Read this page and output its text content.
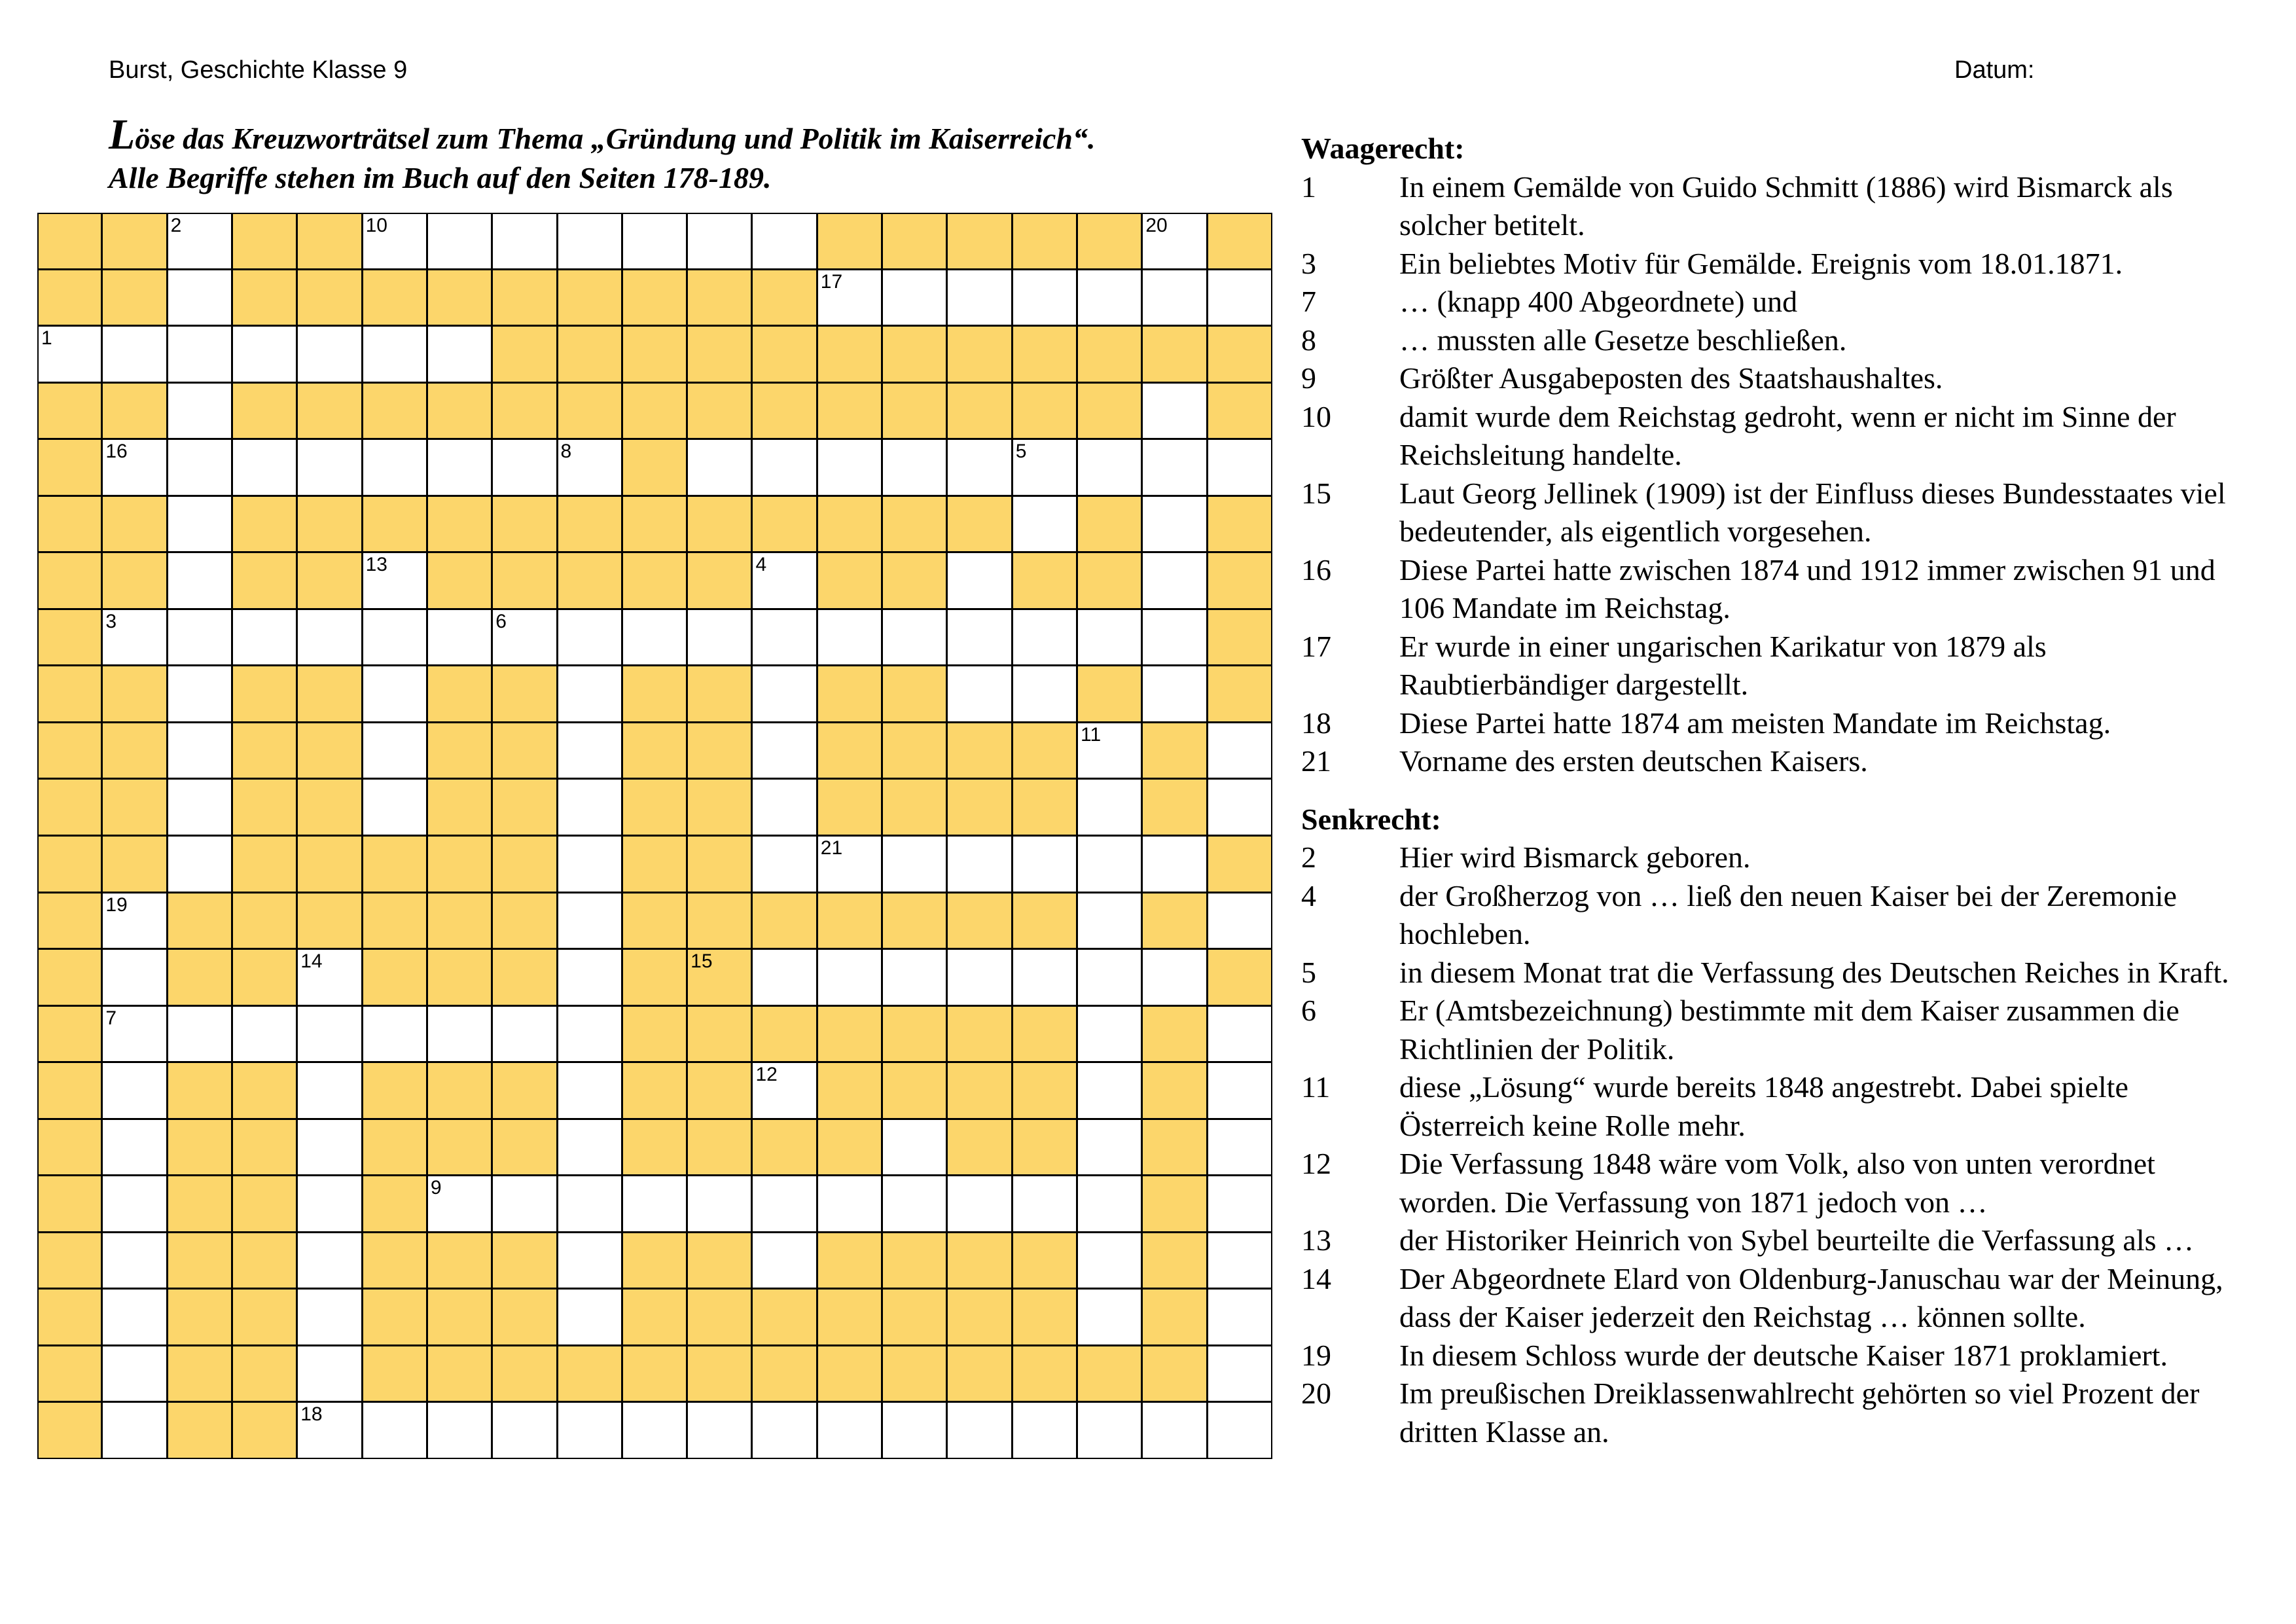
Burst, Geschichte Klasse 9	Datum:
Löse das Kreuzworträtsel zum Thema „Gründung und Politik im Kaiserreich“.
Alle Begriffe stehen im Buch auf den Seiten 178-189.
2	10	20
17
1
16	8	5
13	4
3	6
11
21
19
14	15
7
12
9
18
Waagerecht:
1	In einem Gemälde von Guido Schmitt (1886) wird Bismarck als solcher betitelt.
3	Ein beliebtes Motiv für Gemälde. Ereignis vom 18.01.1871.
7	… (knapp 400 Abgeordnete) und
8	… mussten alle Gesetze beschließen.
9	Größter Ausgabeposten des Staatshaushaltes.
10	damit wurde dem Reichstag gedroht, wenn er nicht im Sinne der Reichsleitung handelte.
15	Laut Georg Jellinek (1909) ist der Einfluss dieses Bundesstaates viel bedeutender, als eigentlich vorgesehen.
16	Diese Partei hatte zwischen 1874 und 1912 immer zwischen 91 und 106 Mandate im Reichstag.
17	Er wurde in einer ungarischen Karikatur von 1879 als Raubtierbändiger dargestellt.
18	Diese Partei hatte 1874 am meisten Mandate im Reichstag.
21	Vorname des ersten deutschen Kaisers.
Senkrecht:
2	Hier wird Bismarck geboren.
4	der Großherzog von … ließ den neuen Kaiser bei der Zeremonie hochleben.
5	in diesem Monat trat die Verfassung des Deutschen Reiches in Kraft.
6	Er (Amtsbezeichnung) bestimmte mit dem Kaiser zusammen die Richtlinien der Politik.
11	diese „Lösung“ wurde bereits 1848 angestrebt. Dabei spielte Österreich keine Rolle mehr.
12	Die Verfassung 1848 wäre vom Volk, also von unten verordnet worden. Die Verfassung von 1871 jedoch von …
13	der Historiker Heinrich von Sybel beurteilte die Verfassung als …
14	Der Abgeordnete Elard von Oldenburg-Januschau war der Meinung, dass der Kaiser jederzeit den Reichstag … können sollte.
19	In diesem Schloss wurde der deutsche Kaiser 1871 proklamiert.
20	Im preußischen Dreiklassenwahlrecht gehörten so viel Prozent der dritten Klasse an.
